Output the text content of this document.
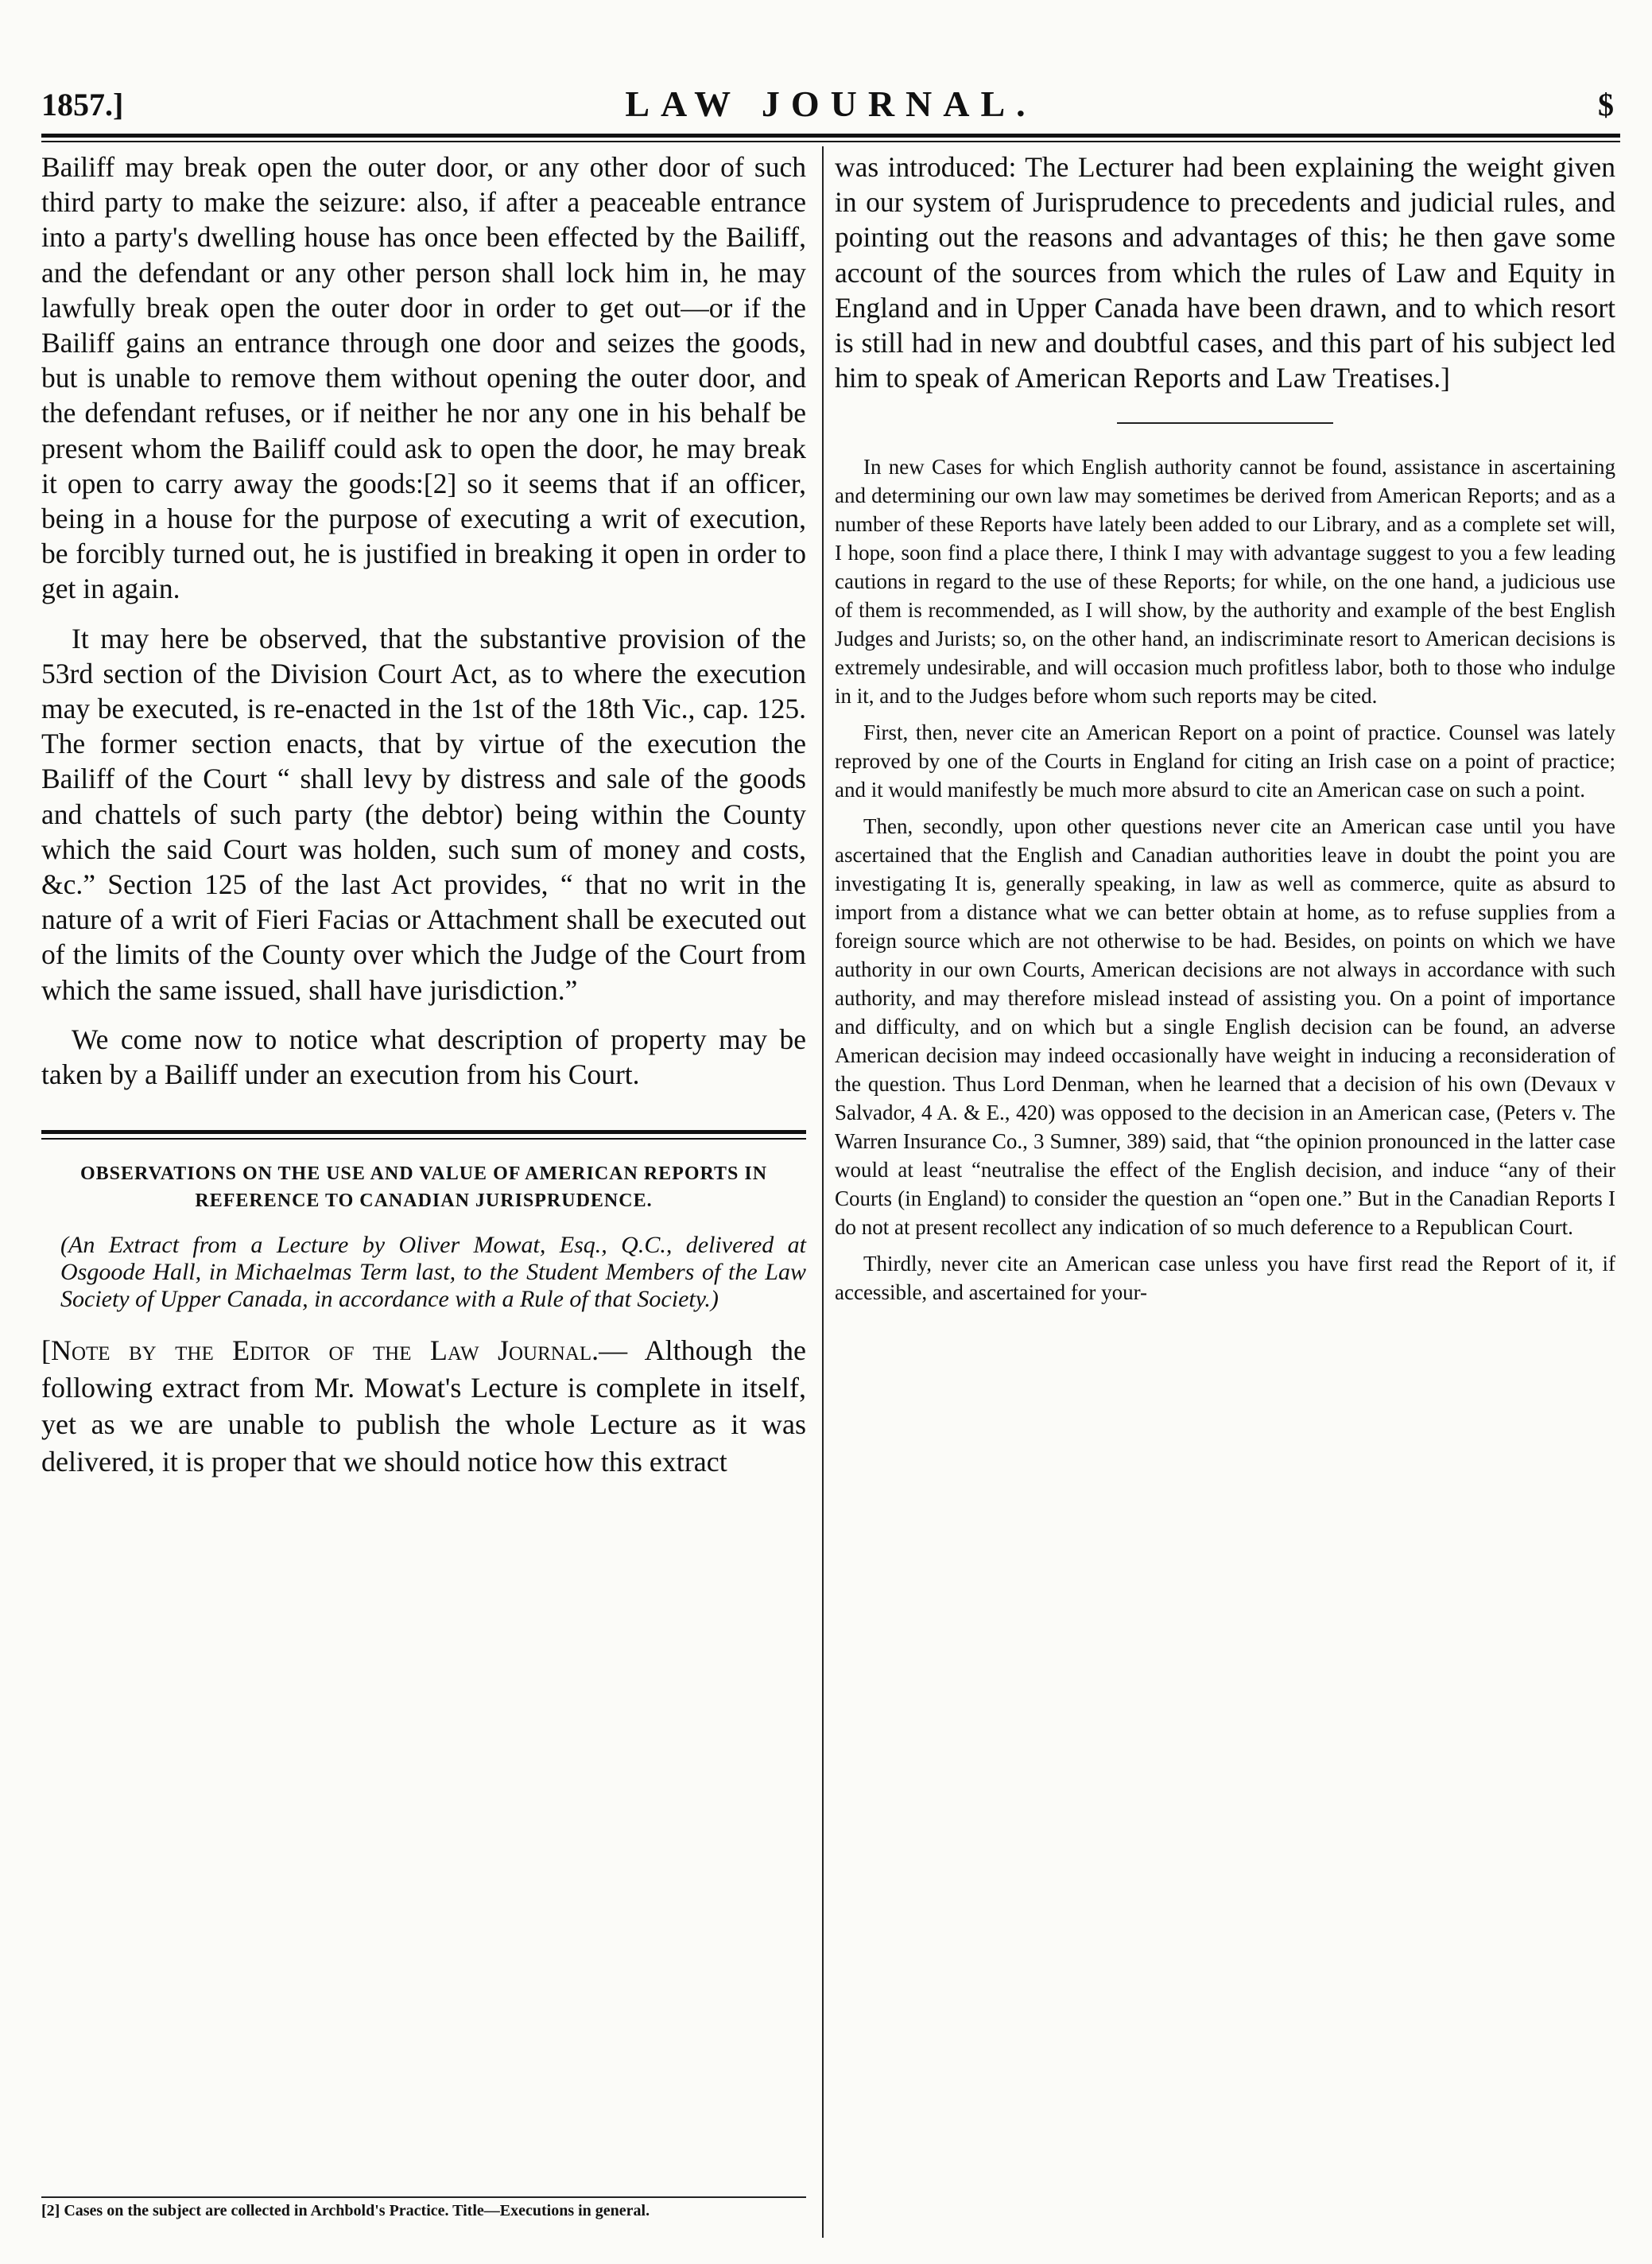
1857.]	LAW JOURNAL.	$

Bailiff may break open the outer door, or any other door of such third party to make the seizure: also, if after a peaceable entrance into a party's dwelling house has once been effected by the Bailiff, and the defendant or any other person shall lock him in, he may lawfully break open the outer door in order to get out—or if the Bailiff gains an entrance through one door and seizes the goods, but is unable to remove them without opening the outer door, and the defendant refuses, or if neither he nor any one in his behalf be present whom the Bailiff could ask to open the door, he may break it open to carry away the goods:[2] so it seems that if an officer, being in a house for the purpose of executing a writ of execution, be forcibly turned out, he is justified in breaking it open in order to get in again.

It may here be observed, that the substantive provision of the 53rd section of the Division Court Act, as to where the execution may be executed, is re-enacted in the 1st of the 18th Vic., cap. 125. The former section enacts, that by virtue of the execution the Bailiff of the Court “ shall levy by distress and sale of the goods and chattels of such party (the debtor) being within the County which the said Court was holden, such sum of money and costs, &c.” Section 125 of the last Act provides, “ that no writ in the nature of a writ of Fieri Facias or Attachment shall be executed out of the limits of the County over which the Judge of the Court from which the same issued, shall have jurisdiction.”

We come now to notice what description of property may be taken by a Bailiff under an execution from his Court.

OBSERVATIONS ON THE USE AND VALUE OF AMERICAN REPORTS IN REFERENCE TO CANADIAN JURISPRUDENCE.

(An Extract from a Lecture by Oliver Mowat, Esq., Q.C., delivered at Osgoode Hall, in Michaelmas Term last, to the Student Members of the Law Society of Upper Canada, in accordance with a Rule of that Society.)

[Note by the Editor of the Law Journal.— Although the following extract from Mr. Mowat's Lecture is complete in itself, yet as we are unable to publish the whole Lecture as it was delivered, it is proper that we should notice how this extract

[2] Cases on the subject are collected in Archbold's Practice. Title—Executions in general.

was introduced: The Lecturer had been explaining the weight given in our system of Jurisprudence to precedents and judicial rules, and pointing out the reasons and advantages of this; he then gave some account of the sources from which the rules of Law and Equity in England and in Upper Canada have been drawn, and to which resort is still had in new and doubtful cases, and this part of his subject led him to speak of American Reports and Law Treatises.]

In new Cases for which English authority cannot be found, assistance in ascertaining and determining our own law may sometimes be derived from American Reports; and as a number of these Reports have lately been added to our Library, and as a complete set will, I hope, soon find a place there, I think I may with advantage suggest to you a few leading cautions in regard to the use of these Reports; for while, on the one hand, a judicious use of them is recommended, as I will show, by the authority and example of the best English Judges and Jurists; so, on the other hand, an indiscriminate resort to American decisions is extremely undesirable, and will occasion much profitless labor, both to those who indulge in it, and to the Judges before whom such reports may be cited.

First, then, never cite an American Report on a point of practice. Counsel was lately reproved by one of the Courts in England for citing an Irish case on a point of practice; and it would manifestly be much more absurd to cite an American case on such a point.

Then, secondly, upon other questions never cite an American case until you have ascertained that the English and Canadian authorities leave in doubt the point you are investigating It is, generally speaking, in law as well as commerce, quite as absurd to import from a distance what we can better obtain at home, as to refuse supplies from a foreign source which are not otherwise to be had. Besides, on points on which we have authority in our own Courts, American decisions are not always in accordance with such authority, and may therefore mislead instead of assisting you. On a point of importance and difficulty, and on which but a single English decision can be found, an adverse American decision may indeed occasionally have weight in inducing a reconsideration of the question. Thus Lord Denman, when he learned that a decision of his own (Devaux v Salvador, 4 A. & E., 420) was opposed to the decision in an American case, (Peters v. The Warren Insurance Co., 3 Sumner, 389) said, that “the opinion pronounced in the latter case would at least “neutralise the effect of the English decision, and induce “any of their Courts (in England) to consider the question an “open one.” But in the Canadian Reports I do not at present recollect any indication of so much deference to a Republican Court.

Thirdly, never cite an American case unless you have first read the Report of it, if accessible, and ascertained for your-
